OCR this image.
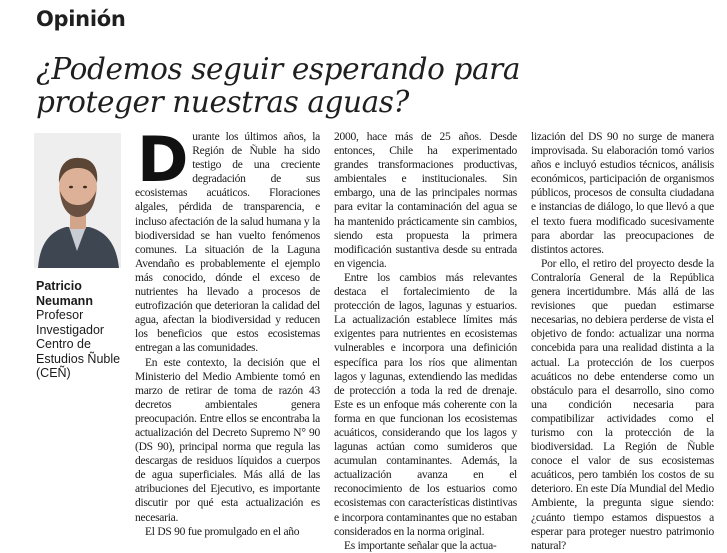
Opinión
¿Podemos seguir esperando para
proteger nuestras aguas?
Patricio
Neumann
Profesor
Investigador
Centro de
Estudios Ñuble
(CEÑ)

Durante los últimos años, la Región de Ñuble ha sido testigo de una creciente degradación de sus ecosistemas acuáticos. Floraciones algales, pérdida de transparencia, e incluso afectación de la salud humana y la biodiversidad se han vuelto fenómenos comunes. La situación de la Laguna Avendaño es probablemente el ejemplo más conocido, dónde el exceso de nutrientes ha llevado a procesos de eutrofización que deterioran la calidad del agua, afectan la biodiversidad y reducen los beneficios que estos ecosistemas entregan a las comunidades.

En este contexto, la decisión que el Ministerio del Medio Ambiente tomó en marzo de retirar de toma de razón 43 decretos ambientales genera preocupación. Entre ellos se encontraba la actualización del Decreto Supremo N° 90 (DS 90), principal norma que regula las descargas de residuos líquidos a cuerpos de agua superficiales. Más allá de las atribuciones del Ejecutivo, es importante discutir por qué esta actualización es necesaria.

El DS 90 fue promulgado en el año

2000, hace más de 25 años. Desde entonces, Chile ha experimentado grandes transformaciones productivas, ambientales e institucionales. Sin embargo, una de las principales normas para evitar la contaminación del agua se ha mantenido prácticamente sin cambios, siendo esta propuesta la primera modificación sustantiva desde su entrada en vigencia.

Entre los cambios más relevantes destaca el fortalecimiento de la protección de lagos, lagunas y estuarios. La actualización establece límites más exigentes para nutrientes en ecosistemas vulnerables e incorpora una definición específica para los ríos que alimentan lagos y lagunas, extendiendo las medidas de protección a toda la red de drenaje. Este es un enfoque más coherente con la forma en que funcionan los ecosistemas acuáticos, considerando que los lagos y lagunas actúan como sumideros que acumulan contaminantes. Además, la actualización avanza en el reconocimiento de los estuarios como ecosistemas con características distintivas e incorpora contaminantes que no estaban considerados en la norma original.

Es importante señalar que la actua-

lización del DS 90 no surge de manera improvisada. Su elaboración tomó varios años e incluyó estudios técnicos, análisis económicos, participación de organismos públicos, procesos de consulta ciudadana e instancias de diálogo, lo que llevó a que el texto fuera modificado sucesivamente para abordar las preocupaciones de distintos actores.

Por ello, el retiro del proyecto desde la Contraloría General de la República genera incertidumbre. Más allá de las revisiones que puedan estimarse necesarias, no debiera perderse de vista el objetivo de fondo: actualizar una norma concebida para una realidad distinta a la actual. La protección de los cuerpos acuáticos no debe entenderse como un obstáculo para el desarrollo, sino como una condición necesaria para compatibilizar actividades como el turismo con la protección de la biodiversidad. La Región de Ñuble conoce el valor de sus ecosistemas acuáticos, pero también los costos de su deterioro. En este Día Mundial del Medio Ambiente, la pregunta sigue siendo: ¿cuánto tiempo estamos dispuestos a esperar para proteger nuestro patrimonio natural?
